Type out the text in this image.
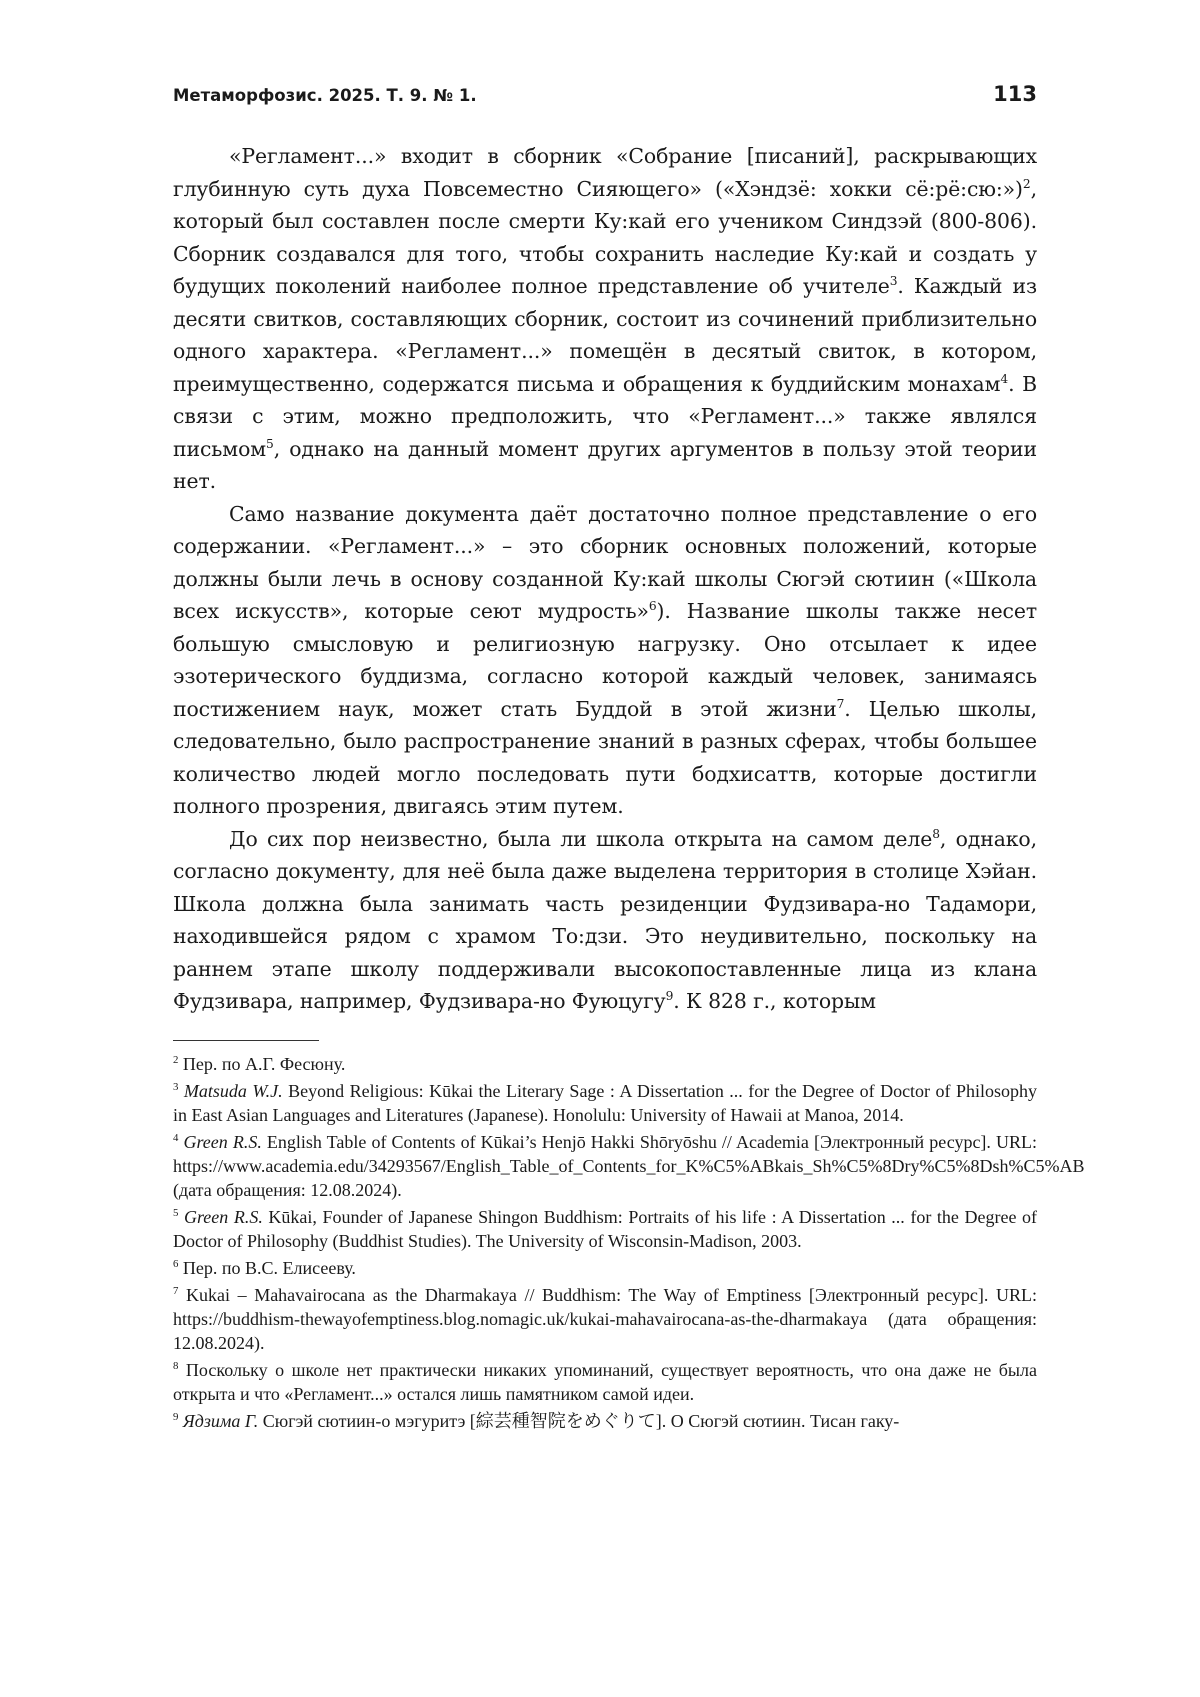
Метаморфозис. 2025. Т. 9. № 1.	113

«Регламент...» входит в сборник «Собрание [писаний], раскрывающих глубинную суть духа Повсеместно Сияющего» («Хэндзё: хокки сё:рё:сю:»)$^2$, который был составлен после смерти Ку:кай его учеником Синдзэй (800-806). Сборник создавался для того, чтобы сохранить наследие Ку:кай и создать у будущих поколений наиболее полное представление об учителе$^3$. Каждый из десяти свитков, составляющих сборник, состоит из сочинений приблизительно одного характера. «Регламент...» помещён в десятый свиток, в котором, преимущественно, содержатся письма и обращения к буддийским монахам$^4$. В связи с этим, можно предположить, что «Регламент...» также являлся письмом$^5$, однако на данный момент других аргументов в пользу этой теории нет.

Само название документа даёт достаточно полное представление о его содержании. «Регламент...» – это сборник основных положений, которые должны были лечь в основу созданной Ку:кай школы Сюгэй сютиин («Школа всех искусств», которые сеют мудрость»$^6$). Название школы также несет большую смысловую и религиозную нагрузку. Оно отсылает к идее эзотерического буддизма, согласно которой каждый человек, занимаясь постижением наук, может стать Буддой в этой жизни$^7$. Целью школы, следовательно, было распространение знаний в разных сферах, чтобы большее количество людей могло последовать пути бодхисаттв, которые достигли полного прозрения, двигаясь этим путем.

До сих пор неизвестно, была ли школа открыта на самом деле$^8$, однако, согласно документу, для неё была даже выделена территория в столице Хэйан. Школа должна была занимать часть резиденции Фудзивара-но Тадамори, находившейся рядом с храмом То:дзи. Это неудивительно, поскольку на раннем этапе школу поддерживали высокопоставленные лица из клана Фудзивара, например, Фудзивара-но Фуюцугу$^9$. К 828 г., которым

$^2$ Пер. по А.Г. Фесюну.

$^3$ Matsuda W.J. Beyond Religious: Kūkai the Literary Sage : A Dissertation ... for the Degree of Doctor of Philosophy in East Asian Languages and Literatures (Japanese). Honolulu: University of Hawaii at Manoa, 2014.

$^4$ Green R.S. English Table of Contents of Kūkai’s Henjō Hakki Shōryōshu // Academia [Электронный ресурс]. URL: https://www.academia.edu/34293567/English_Table_of_Contents_for_K%C5%ABkais_Sh%C5%8Dry%C5%8Dsh%C5%AB (дата обращения: 12.08.2024).

$^5$ Green R.S. Kūkai, Founder of Japanese Shingon Buddhism: Portraits of his life : A Dissertation ... for the Degree of Doctor of Philosophy (Buddhist Studies). The University of Wisconsin-Madison, 2003.

$^6$ Пер. по В.С. Елисееву.

$^7$ Kukai – Mahavairocana as the Dharmakaya // Buddhism: The Way of Emptiness [Электронный ресурс]. URL: https://buddhism-thewayofemptiness.blog.nomagic.uk/kukai-mahavairocana-as-the-dharmakaya (дата обращения: 12.08.2024).

$^8$ Поскольку о школе нет практически никаких упоминаний, существует вероятность, что она даже не была открыта и что «Регламент...» остался лишь памятником самой идеи.

$^9$ Ядзима Г. Сюгэй сютиин-о мэгуритэ [綜芸種智院をめぐりて]. О Сюгэй сютиин. Тисан гаку-
